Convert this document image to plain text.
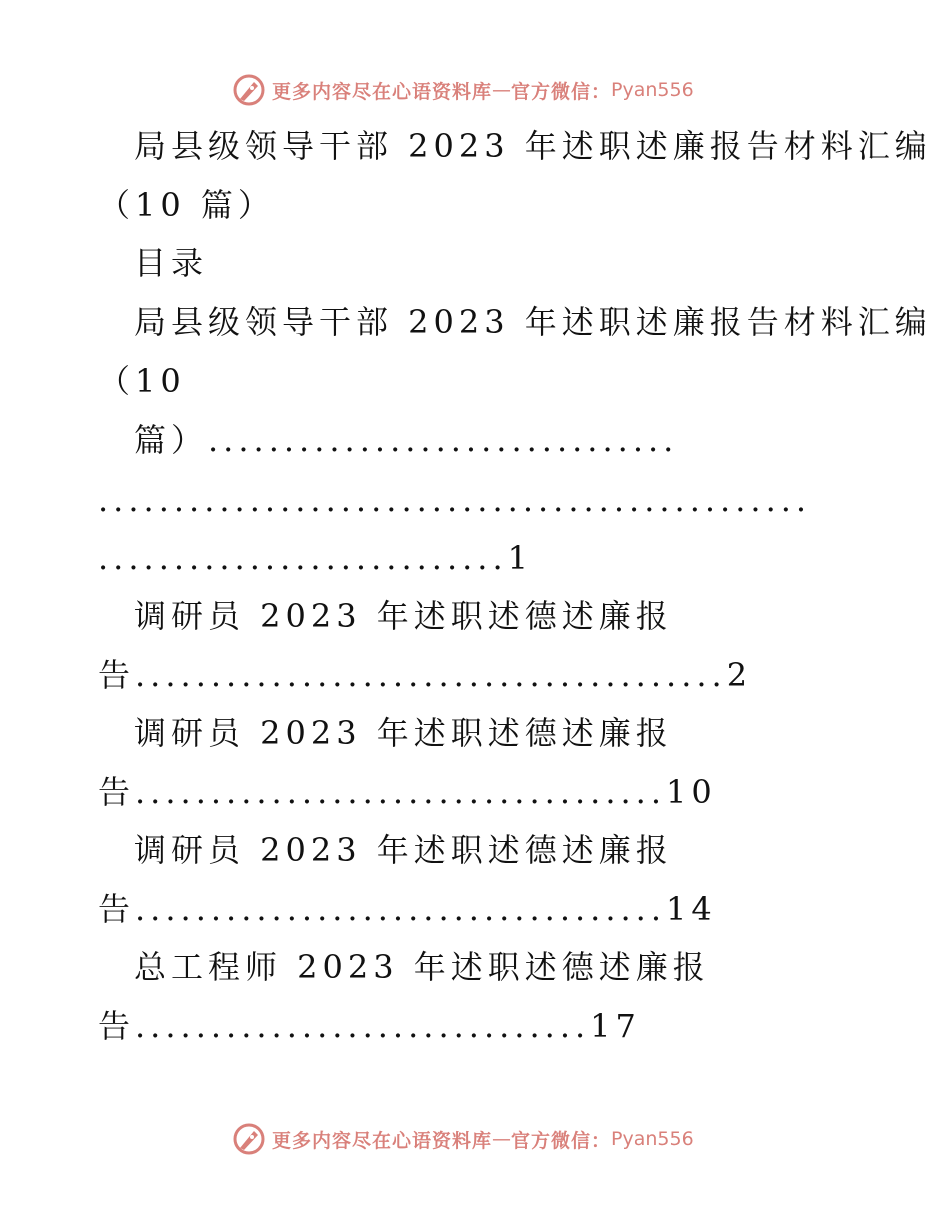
更多内容尽在心语资料库 — 官方微信： Pyan556
局县级领导干部 2023 年述职述廉报告材料汇编
（10 篇）
目录
局县级领导干部 2023 年述职述廉报告材料汇编
（10
篇）...............................
...............................................
...........................1
调研员 2023 年述职述德述廉报
告.......................................2
调研员 2023 年述职述德述廉报
告...................................10
调研员 2023 年述职述德述廉报
告...................................14
总工程师 2023 年述职述德述廉报
告..............................17
更多内容尽在心语资料库 — 官方微信： Pyan556
